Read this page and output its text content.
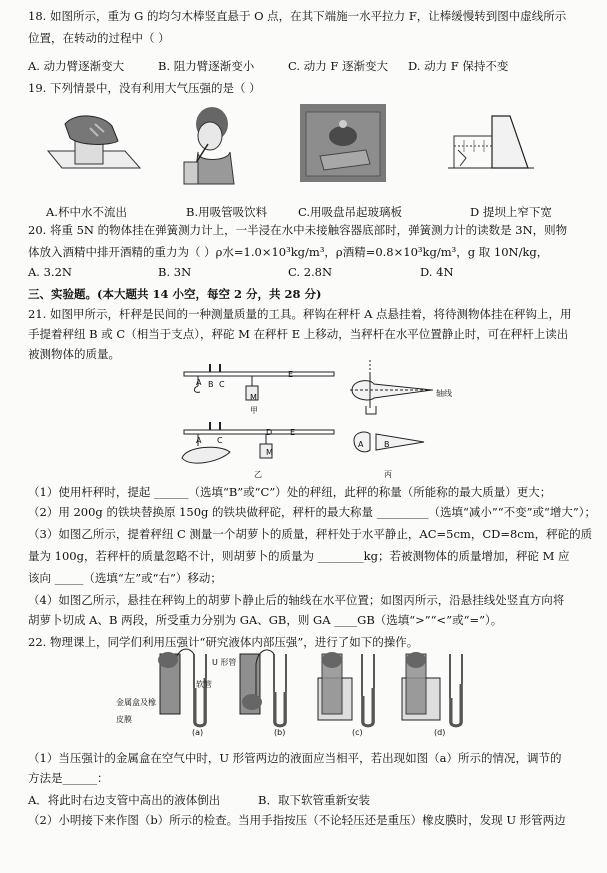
18. 如图所示，重为 G 的均匀木棒竖直悬于 O 点，在其下端施一水平拉力 F，让棒缓慢转到图中虚线所示
位置，在转动的过程中（ ）
A. 动力臂逐渐变大	B. 阻力臂逐渐变小	C. 动力 F 逐渐变大 D. 动力 F 保持不变
19. 下列情景中，没有利用大气压强的是（ ）
A.杯中水不流出	B.用吸管吸饮料	C.用吸盘吊起玻璃板	D 提坝上窄下宽
20. 将重 5N 的物体挂在弹簧测力计上，一半浸在水中未接触容器底部时，弹簧测力计的读数是 3N，则物
体放入酒精中排开酒精的重力为（ ）ρ水=1.0×10³kg/m³，ρ酒精=0.8×10³kg/m³，g 取 10N/kg，
A. 3.2N	B. 3N	C. 2.8N	D. 4N
三、实验题。(本大题共 14 小空，每空 2 分，共 28 分)
21. 如图甲所示，杆秤是民间的一种测量质量的工具。秤钩在秤杆 A 点悬挂着，将待测物体挂在秤钩上，用
手提着秤纽 B 或 C（相当于支点），秤砣 M 在秤杆 E 上移动，当秤杆在水平位置静止时，可在秤杆上读出
被测物体的质量。
A B C
E
M
甲
A C
D E
M
乙
轴线
A	B
丙
（1）使用杆秤时，提起 ______（选填“B”或“C”）处的秤纽，此秤的称量（所能称的最大质量）更大；
（2）用 200g 的铁块替换原 150g 的铁块做秤砣，秤杆的最大称量 _________（选填“减小”“不变”或“增大”）；
（3）如图乙所示，提着秤纽 C 测量一个胡萝卜的质量，秤杆处于水平静止，AC=5cm，CD=8cm，秤砣的质
量为 100g，若秤杆的质量忽略不计，则胡萝卜的质量为 ________kg；若被测物体的质量增加，秤砣 M 应
该向 _____（选填“左”或“右”）移动；
（4）如图乙所示，悬挂在秤钩上的胡萝卜静止后的轴线在水平位置；如图丙所示，沿悬挂线处竖直方向将
胡萝卜切成 A、B 两段，所受重力分别为 GA、GB，则 GA ____GB（选填“>”“<”或“=”）。
22. 物理课上，同学们利用压强计“研究液体内部压强”，进行了如下的操作。
U 形管
软管
金属盒及橡皮膜
(a)	(b)	(c)	(d)
（1）当压强计的金属盒在空气中时，U 形管两边的液面应当相平，若出现如图（a）所示的情况，调节的
方法是______：
A．将此时右边支管中高出的液体倒出	B．取下软管重新安装
（2）小明接下来作图（b）所示的检查。当用手指按压（不论轻压还是重压）橡皮膜时，发现 U 形管两边
